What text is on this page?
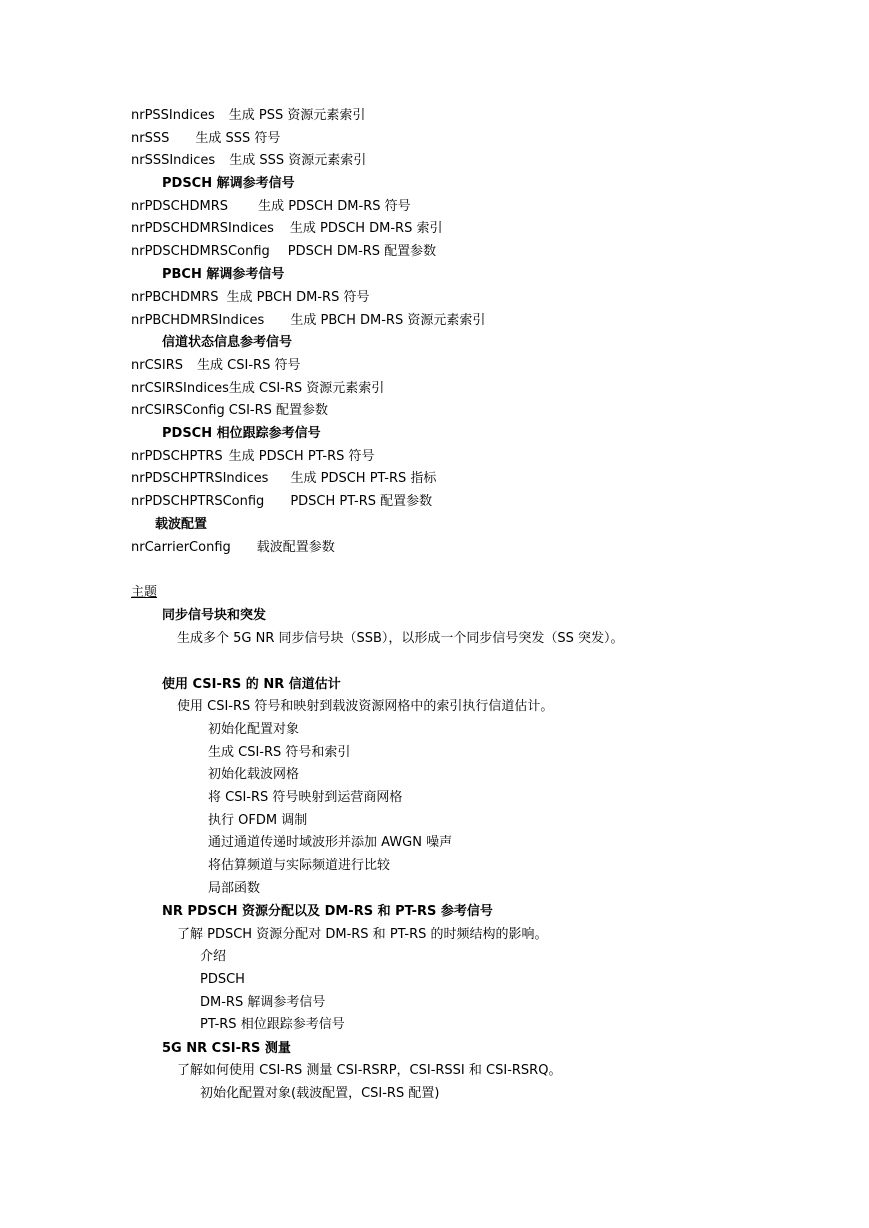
nrPSSIndices 生成 PSS 资源元素索引
nrSSS 生成 SSS 符号
nrSSSIndices 生成 SSS 资源元素索引
PDSCH 解调参考信号
nrPDSCHDMRS 生成 PDSCH DM-RS 符号
nrPDSCHDMRSIndices 生成 PDSCH DM-RS 索引
nrPDSCHDMRSConfig PDSCH DM-RS 配置参数
PBCH 解调参考信号
nrPBCHDMRS 生成 PBCH DM-RS 符号
nrPBCHDMRSIndices 生成 PBCH DM-RS 资源元素索引
信道状态信息参考信号
nrCSIRS 生成 CSI-RS 符号
nrCSIRSIndices生成 CSI-RS 资源元素索引
nrCSIRSConfig CSI-RS 配置参数
PDSCH 相位跟踪参考信号
nrPDSCHPTRS 生成 PDSCH PT-RS 符号
nrPDSCHPTRSIndices 生成 PDSCH PT-RS 指标
nrPDSCHPTRSConfig PDSCH PT-RS 配置参数
载波配置
nrCarrierConfig 载波配置参数
主题
同步信号块和突发
生成多个 5G NR 同步信号块（SSB），以形成一个同步信号突发（SS 突发）。
使用 CSI-RS 的 NR 信道估计
使用 CSI-RS 符号和映射到载波资源网格中的索引执行信道估计。
初始化配置对象
生成 CSI-RS 符号和索引
初始化载波网格
将 CSI-RS 符号映射到运营商网格
执行 OFDM 调制
通过通道传递时域波形并添加 AWGN 噪声
将估算频道与实际频道进行比较
局部函数
NR PDSCH 资源分配以及 DM-RS 和 PT-RS 参考信号
了解 PDSCH 资源分配对 DM-RS 和 PT-RS 的时频结构的影响。
介绍
PDSCH
DM-RS 解调参考信号
PT-RS 相位跟踪参考信号
5G NR CSI-RS 测量
了解如何使用 CSI-RS 测量 CSI-RSRP，CSI-RSSI 和 CSI-RSRQ。
初始化配置对象(载波配置，CSI-RS 配置)
